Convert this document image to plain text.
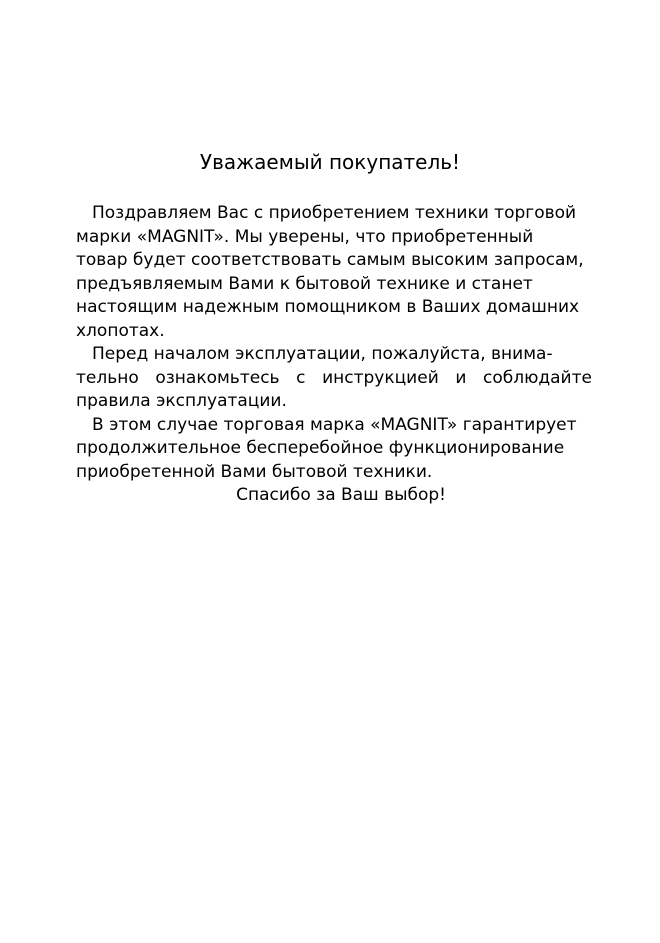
Уважаемый покупатель!
Поздравляем Вас с приобретением техники торговой
марки «MAGNIT». Мы уверены, что приобретенный
товар будет соответствовать самым высоким запросам,
предъявляемым Вами к бытовой технике и станет
настоящим надежным помощником в Ваших домашних
хлопотах.
Перед началом эксплуатации, пожалуйста, внима-
тельно ознакомьтесь с инструкцией и соблюдайте
правила эксплуатации.
В этом случае торговая марка «MAGNIT» гарантирует
продолжительное бесперебойное функционирование
приобретенной Вами бытовой техники.
Спасибо за Ваш выбор!
